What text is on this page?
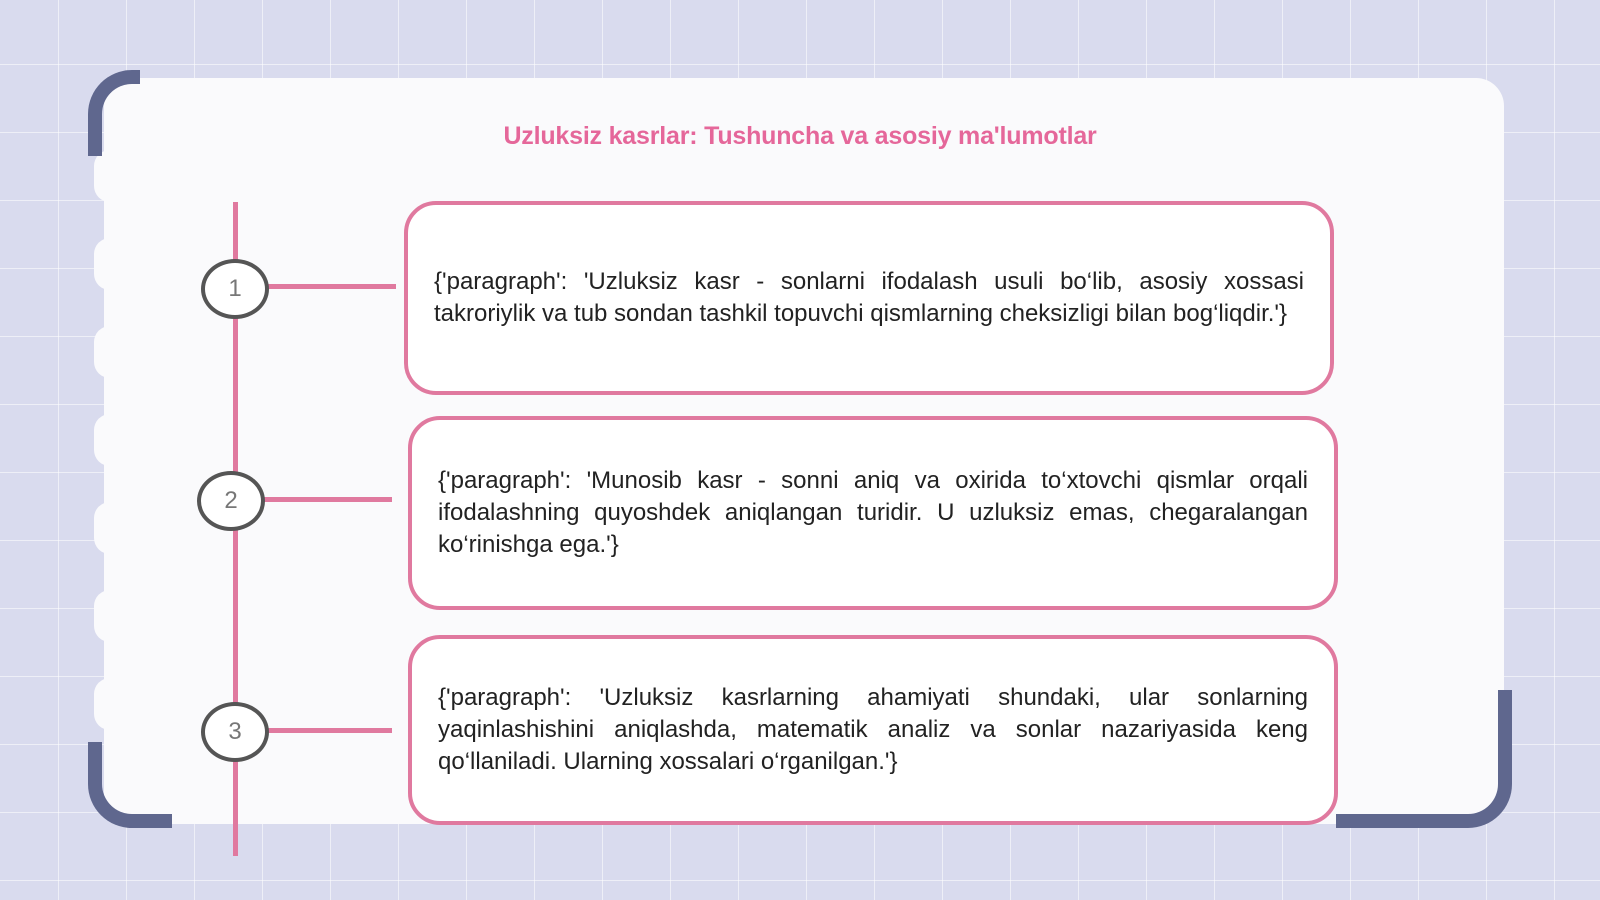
Uzluksiz kasrlar: Tushuncha va asosiy ma'lumotlar
1	{'paragraph': 'Uzluksiz kasr - sonlarni ifodalash usuli bo‘lib, asosiy xossasi takroriylik va tub sondan tashkil topuvchi qismlarning cheksizligi bilan bog‘liqdir.'}
2
{'paragraph': 'Munosib kasr - sonni aniq va oxirida to‘xtovchi qismlar orqali ifodalashning quyoshdek aniqlangan turidir. U uzluksiz emas, chegaralangan ko‘rinishga ega.'}
3
{'paragraph': 'Uzluksiz kasrlarning ahamiyati shundaki, ular sonlarning yaqinlashishini aniqlashda, matematik analiz va sonlar nazariyasida keng qo‘llaniladi. Ularning xossalari o‘rganilgan.'}
